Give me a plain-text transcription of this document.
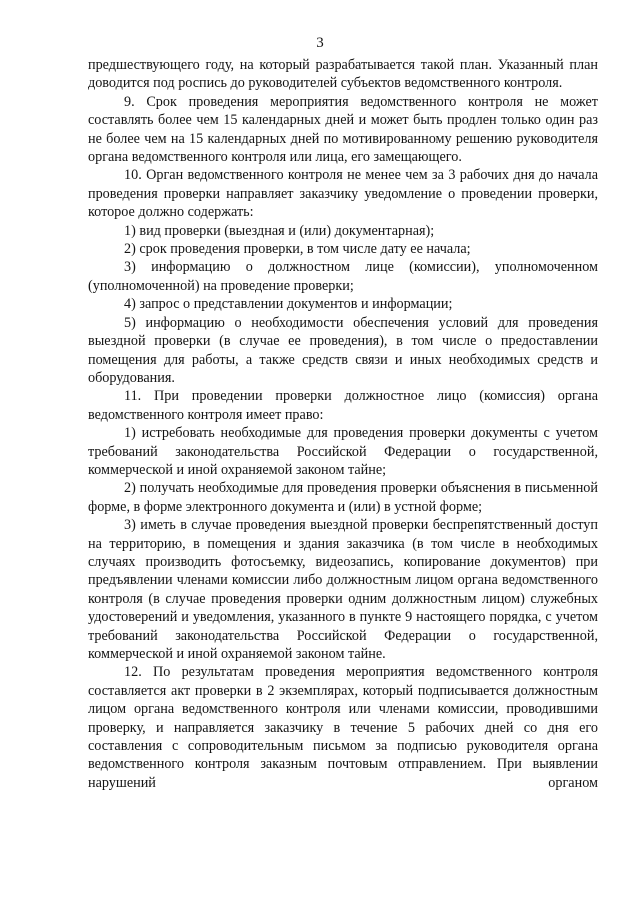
3

предшествующего году, на который разрабатывается такой план. Указанный план доводится под роспись до руководителей субъектов ведомственного контроля.

9. Срок проведения мероприятия ведомственного контроля не может составлять более чем 15 календарных дней и может быть продлен только один раз не более чем на 15 календарных дней по мотивированному решению руководителя органа ведомственного контроля или лица, его замещающего.

10. Орган ведомственного контроля не менее чем за 3 рабочих дня до начала проведения проверки направляет заказчику уведомление о проведении проверки, которое должно содержать:

1) вид проверки (выездная и (или) документарная);

2) срок проведения проверки, в том числе дату ее начала;

3) информацию о должностном лице (комиссии), уполномоченном (уполномоченной) на проведение проверки;

4) запрос о представлении документов и информации;

5) информацию о необходимости обеспечения условий для проведения выездной проверки (в случае ее проведения), в том числе о предоставлении помещения для работы, а также средств связи и иных необходимых средств и оборудования.

11. При проведении проверки должностное лицо (комиссия) органа ведомственного контроля имеет право:

1) истребовать необходимые для проведения проверки документы с учетом требований законодательства Российской Федерации о государственной, коммерческой и иной охраняемой законом тайне;

2) получать необходимые для проведения проверки объяснения в письменной форме, в форме электронного документа и (или) в устной форме;

3) иметь в случае проведения выездной проверки беспрепятственный доступ на территорию, в помещения и здания заказчика (в том числе в необходимых случаях производить фотосъемку, видеозапись, копирование документов) при предъявлении членами комиссии либо должностным лицом органа ведомственного контроля (в случае проведения проверки одним должностным лицом) служебных удостоверений и уведомления, указанного в пункте 9 настоящего порядка, с учетом требований законодательства Российской Федерации о государственной, коммерческой и иной охраняемой законом тайне.

12. По результатам проведения мероприятия ведомственного контроля составляется акт проверки в 2 экземплярах, который подписывается должностным лицом органа ведомственного контроля или членами комиссии, проводившими проверку, и направляется заказчику в течение 5 рабочих дней со дня его составления с сопроводительным письмом за подписью руководителя органа ведомственного контроля заказным почтовым отправлением. При выявлении нарушений органом
